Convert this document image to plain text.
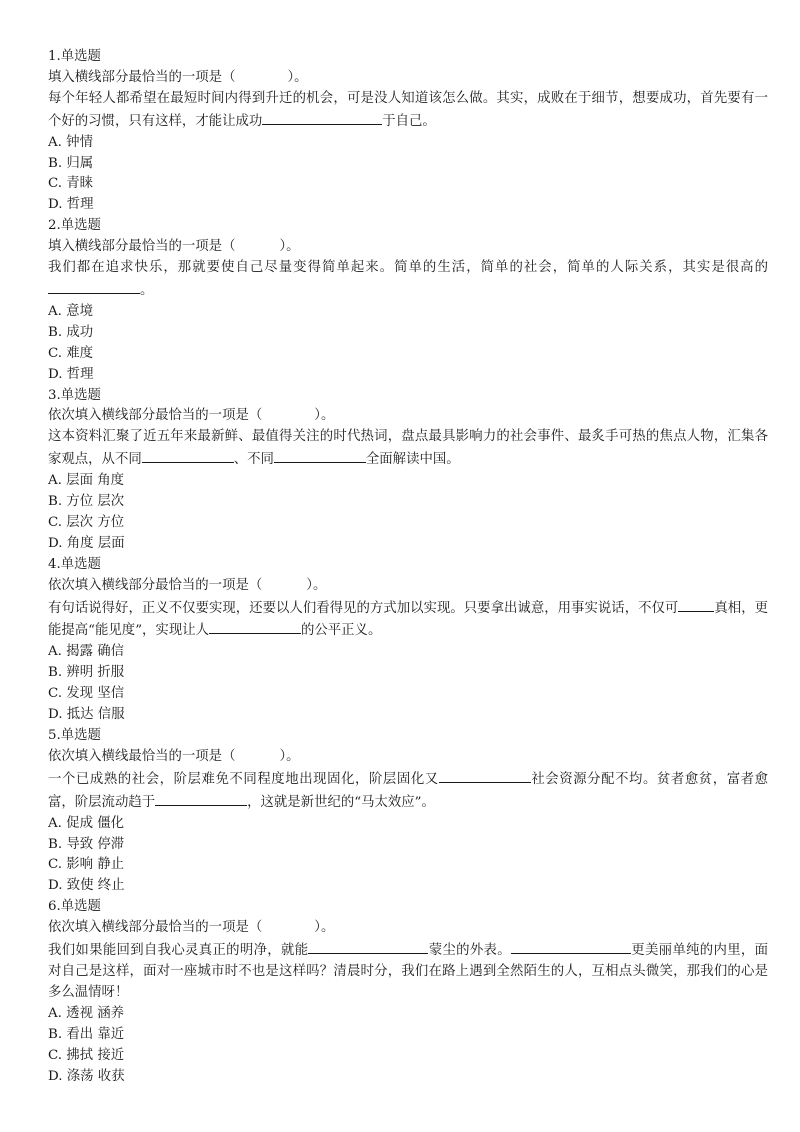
1.单选题
填入横线部分最恰当的一项是（	）。
每个年轻人都希望在最短时间内得到升迁的机会，可是没人知道该怎么做。其实，成败在于细节，想要成功，首先要有一个好的习惯，只有这样，才能让成功	于自己。
A. 钟情
B. 归属
C. 青睐
D. 哲理
2.单选题
填入横线部分最恰当的一项是（	）。
我们都在追求快乐，那就要使自己尽量变得简单起来。简单的生活，简单的社会，简单的人际关系，其实是很高的。
A. 意境
B. 成功
C. 难度
D. 哲理
3.单选题
依次填入横线部分最恰当的一项是（	）。
这本资料汇聚了近五年来最新鲜、最值得关注的时代热词，盘点最具影响力的社会事件、最炙手可热的焦点人物，汇集各家观点，从不同	、不同	全面解读中国。
A. 层面 角度
B. 方位 层次
C. 层次 方位
D. 角度 层面
4.单选题
依次填入横线部分最恰当的一项是（	）。
有句话说得好，正义不仅要实现，还要以人们看得见的方式加以实现。只要拿出诚意，用事实说话，不仅可	真相，更能提高“能见度”，实现让人	的公平正义。
A. 揭露 确信
B. 辨明 折服
C. 发现 坚信
D. 抵达 信服
5.单选题
依次填入横线最恰当的一项是（	）。
一个已成熟的社会，阶层难免不同程度地出现固化，阶层固化又	社会资源分配不均。贫者愈贫，富者愈富，阶层流动趋于	，这就是新世纪的“马太效应”。
A. 促成 僵化
B. 导致 停滞
C. 影响 静止
D. 致使 终止
6.单选题
依次填入横线部分最恰当的一项是（	）。
我们如果能回到自我心灵真正的明净，就能	蒙尘的外表。	更美丽单纯的内里，面对自己是这样，面对一座城市时不也是这样吗？清晨时分，我们在路上遇到全然陌生的人，互相点头微笑，那我们的心是多么温情呀！
A. 透视 涵养
B. 看出 靠近
C. 拂拭 接近
D. 涤荡 收获
